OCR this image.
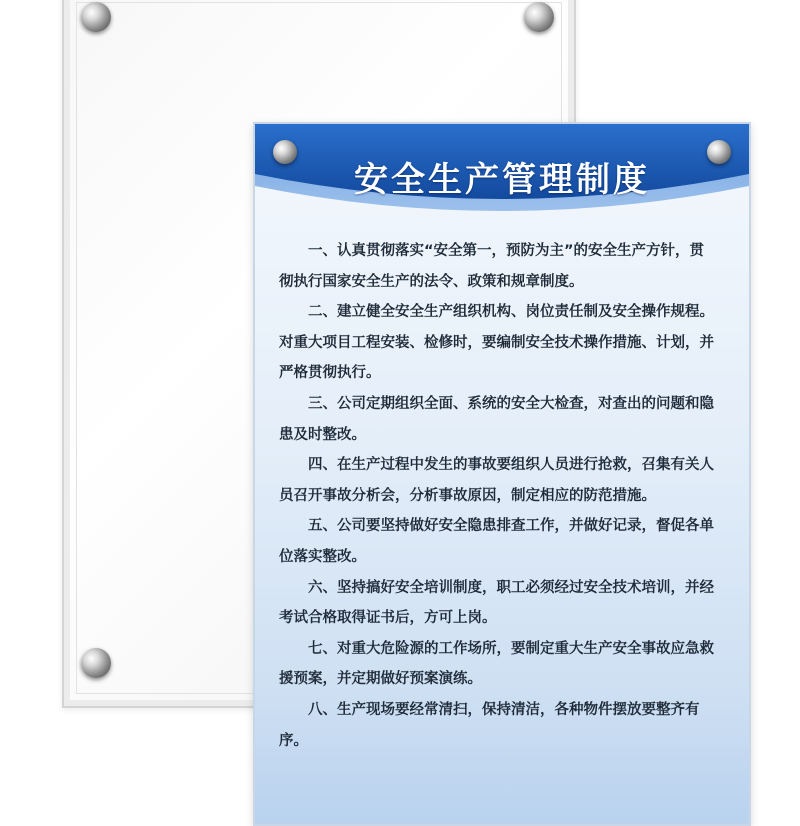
安全生产管理制度

一、认真贯彻落实“安全第一，预防为主”的安全生产方针，贯彻执行国家安全生产的法令、政策和规章制度。

二、建立健全安全生产组织机构、岗位责任制及安全操作规程。对重大项目工程安装、检修时，要编制安全技术操作措施、计划，并严格贯彻执行。

三、公司定期组织全面、系统的安全大检查，对查出的问题和隐患及时整改。

四、在生产过程中发生的事故要组织人员进行抢救，召集有关人员召开事故分析会，分析事故原因，制定相应的防范措施。

五、公司要坚持做好安全隐患排查工作，并做好记录，督促各单位落实整改。

六、坚持搞好安全培训制度，职工必须经过安全技术培训，并经考试合格取得证书后，方可上岗。

七、对重大危险源的工作场所，要制定重大生产安全事故应急救援预案，并定期做好预案演练。

八、生产现场要经常清扫，保持清洁，各种物件摆放要整齐有序。
